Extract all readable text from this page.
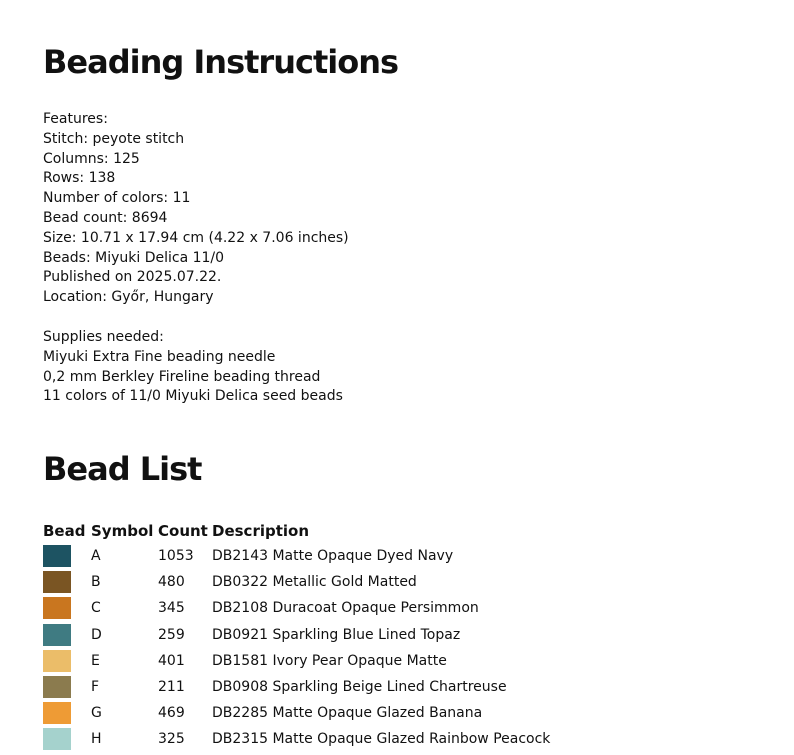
Beading Instructions
Features:
Stitch: peyote stitch
Columns: 125
Rows: 138
Number of colors: 11
Bead count: 8694
Size: 10.71 x 17.94 cm (4.22 x 7.06 inches)
Beads: Miyuki Delica 11/0
Published on 2025.07.22.
Location: Győr, Hungary
Supplies needed:
Miyuki Extra Fine beading needle
0,2 mm Berkley Fireline beading thread
11 colors of 11/0 Miyuki Delica seed beads
Bead List
Bead	Symbol	Count	Description

	A	1053	DB2143 Matte Opaque Dyed Navy

	B	480	DB0322 Metallic Gold Matted

	C	345	DB2108 Duracoat Opaque Persimmon

	D	259	DB0921 Sparkling Blue Lined Topaz

	E	401	DB1581 Ivory Pear Opaque Matte

	F	211	DB0908 Sparkling Beige Lined Chartreuse

	G	469	DB2285 Matte Opaque Glazed Banana

	H	325	DB2315 Matte Opaque Glazed Rainbow Peacock
